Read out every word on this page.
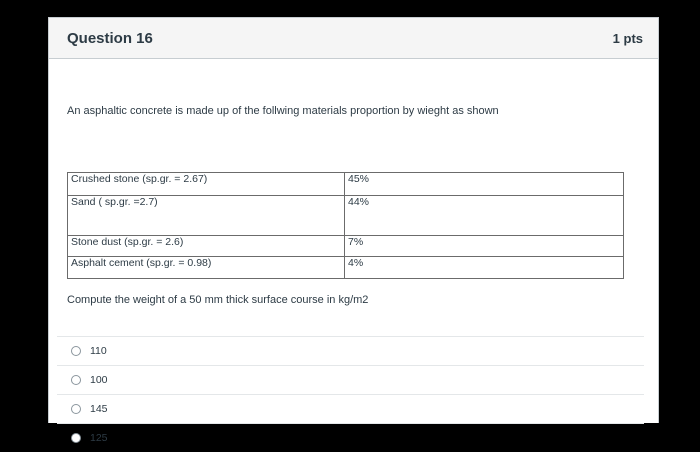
Question 16	1 pts
An asphaltic concrete is made up of the follwing materials proportion by wieght as shown
Crushed stone (sp.gr. = 2.67)	45%
Sand ( sp.gr. =2.7)	44%
Stone dust (sp.gr. = 2.6)	7%
Asphalt cement (sp.gr. = 0.98)	4%
Compute the weight of a 50 mm thick surface course in kg/m2
110
100
145
125
